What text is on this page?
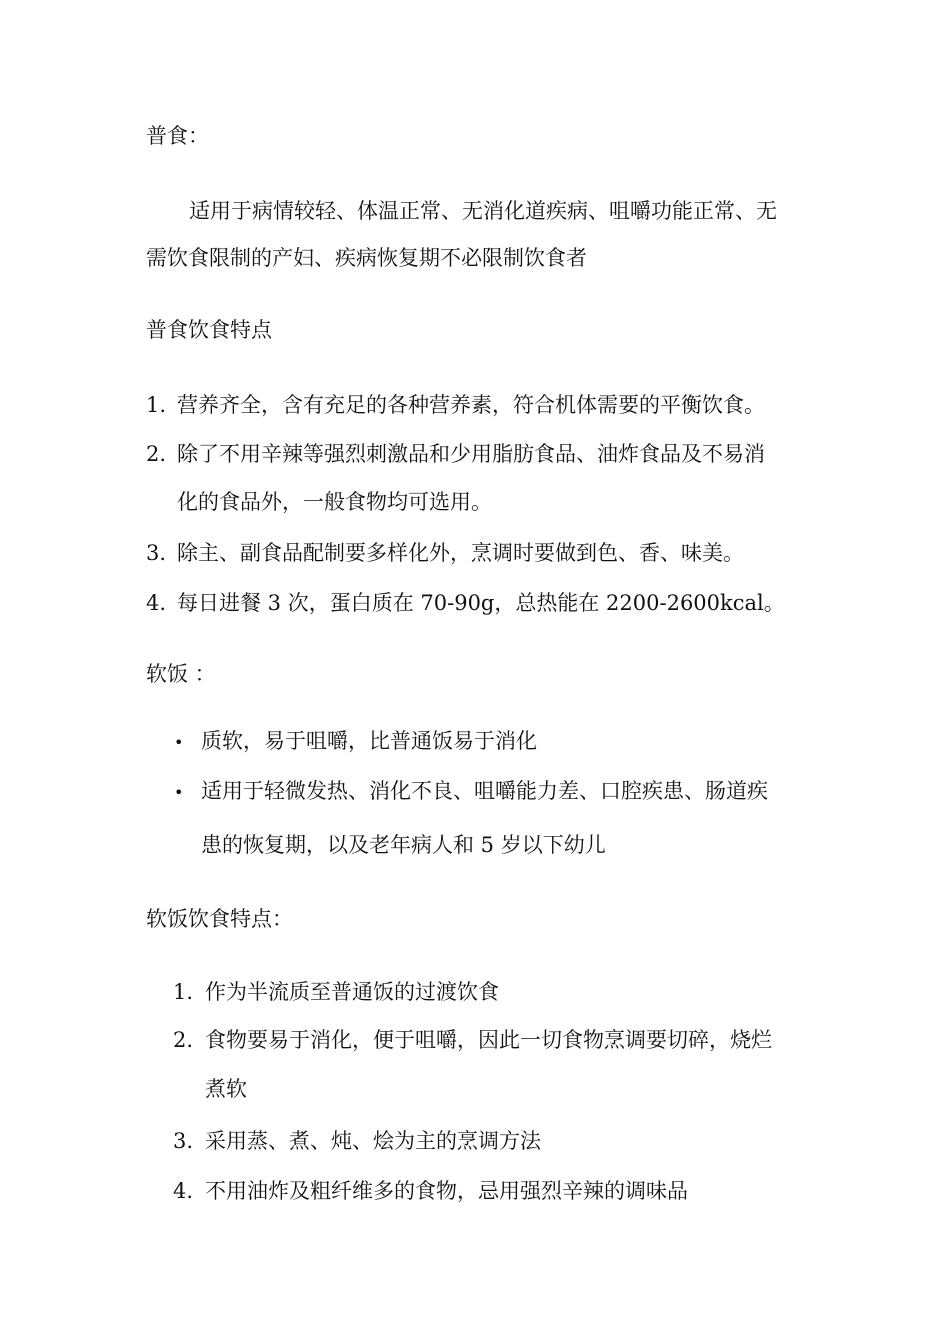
普食：
适用于病情较轻、体温正常、无消化道疾病、咀嚼功能正常、无
需饮食限制的产妇、疾病恢复期不必限制饮食者
普食饮食特点
1. 营养齐全，含有充足的各种营养素，符合机体需要的平衡饮食。
2. 除了不用辛辣等强烈刺激品和少用脂肪食品、油炸食品及不易消
化的食品外，一般食物均可选用。
3. 除主、副食品配制要多样化外，烹调时要做到色、香、味美。
4. 每日进餐 3 次，蛋白质在 70-90g，总热能在 2200-2600kcal。
软饭 ：
• 质软，易于咀嚼，比普通饭易于消化
• 适用于轻微发热、消化不良、咀嚼能力差、口腔疾患、肠道疾
患的恢复期，以及老年病人和 5 岁以下幼儿
软饭饮食特点：
1. 作为半流质至普通饭的过渡饮食
2. 食物要易于消化，便于咀嚼，因此一切食物烹调要切碎，烧烂
煮软
3. 采用蒸、煮、炖、烩为主的烹调方法
4. 不用油炸及粗纤维多的食物，忌用强烈辛辣的调味品
